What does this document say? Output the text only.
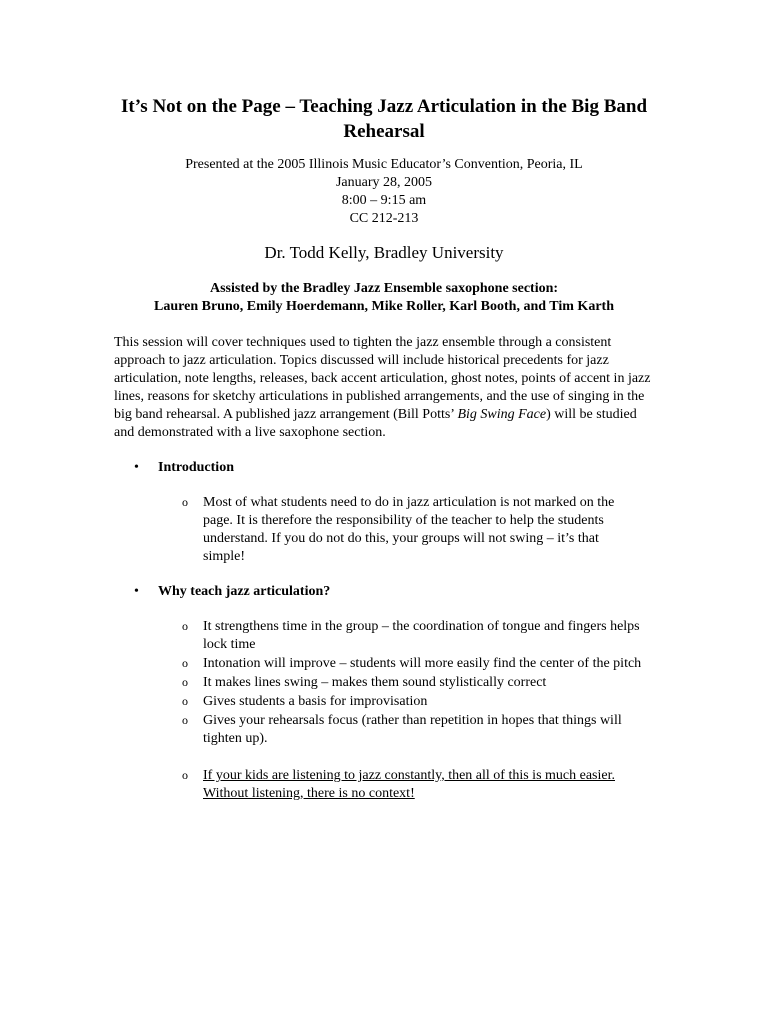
It’s Not on the Page – Teaching Jazz Articulation in the Big Band Rehearsal
Presented at the 2005 Illinois Music Educator’s Convention, Peoria, IL
January 28, 2005
8:00 – 9:15 am
CC 212-213
Dr. Todd Kelly, Bradley University
Assisted by the Bradley Jazz Ensemble saxophone section:
Lauren Bruno, Emily Hoerdemann, Mike Roller, Karl Booth, and Tim Karth

This session will cover techniques used to tighten the jazz ensemble through a consistent approach to jazz articulation. Topics discussed will include historical precedents for jazz articulation, note lengths, releases, back accent articulation, ghost notes, points of accent in jazz lines, reasons for sketchy articulations in published arrangements, and the use of singing in the big band rehearsal. A published jazz arrangement (Bill Potts’ Big Swing Face) will be studied and demonstrated with a live saxophone section.

•	Introduction
o	Most of what students need to do in jazz articulation is not marked on the page. It is therefore the responsibility of the teacher to help the students understand. If you do not do this, your groups will not swing – it’s that simple!
•	Why teach jazz articulation?
o	It strengthens time in the group – the coordination of tongue and fingers helps lock time
o	Intonation will improve – students will more easily find the center of the pitch
o	It makes lines swing – makes them sound stylistically correct
o	Gives students a basis for improvisation
o	Gives your rehearsals focus (rather than repetition in hopes that things will tighten up).
o	If your kids are listening to jazz constantly, then all of this is much easier. Without listening, there is no context!
